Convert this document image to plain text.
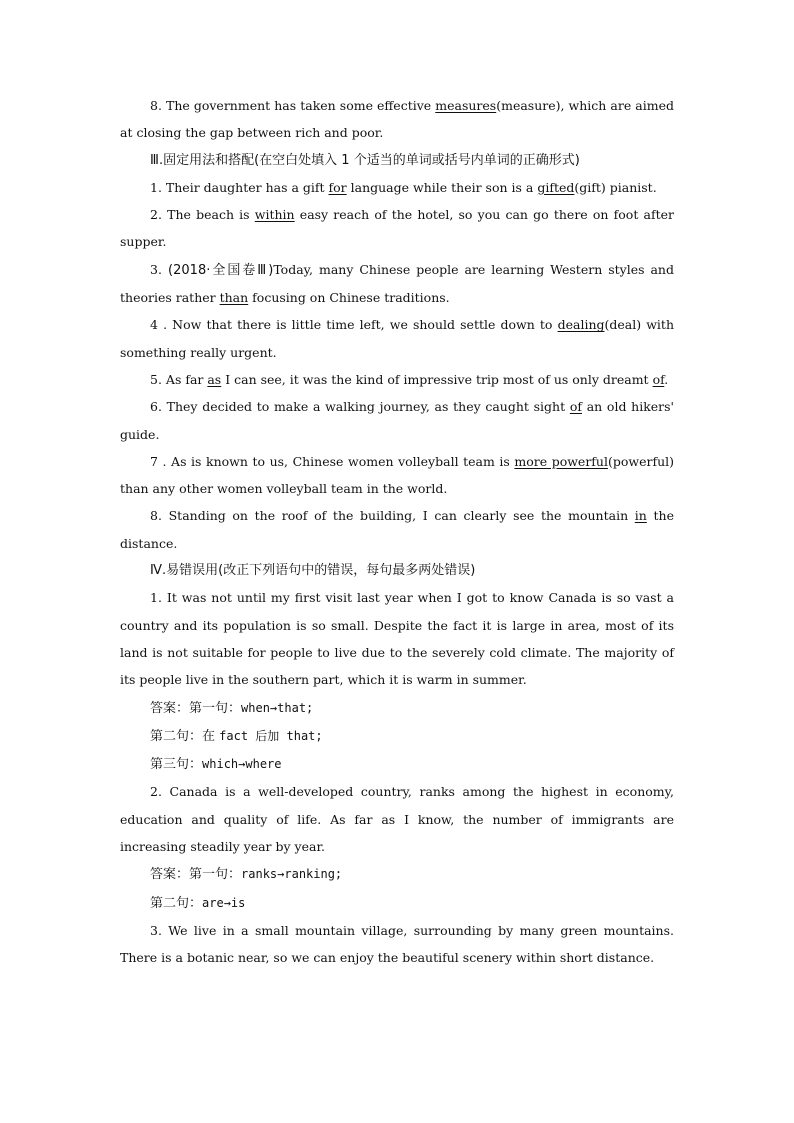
8. The government has taken some effective measures(measure), which are aimed at closing the gap between rich and poor.

Ⅲ.固定用法和搭配(在空白处填入 1 个适当的单词或括号内单词的正确形式)

1. Their daughter has a gift for language while their son is a gifted(gift) pianist.

2. The beach is within easy reach of the hotel, so you can go there on foot after supper.

3. (2018·全国卷Ⅲ)Today, many Chinese people are learning Western styles and theories rather than focusing on Chinese traditions.

4 . Now that there is little time left, we should settle down to dealing(deal) with something really urgent.

5. As far as I can see, it was the kind of impressive trip most of us only dreamt of.

6. They decided to make a walking journey, as they caught sight of an old hikers' guide.

7 . As is known to us, Chinese women volleyball team is more powerful(powerful) than any other women volleyball team in the world.

8. Standing on the roof of the building, I can clearly see the mountain in the distance.

Ⅳ.易错误用(改正下列语句中的错误，每句最多两处错误)

1. It was not until my first visit last year when I got to know Canada is so vast a country and its population is so small. Despite the fact it is large in area, most of its land is not suitable for people to live due to the severely cold climate. The majority of its people live in the southern part, which it is warm in summer.

答案：第一句：when→that;

第二句：在 fact 后加 that;

第三句：which→where

2. Canada is a well-developed country, ranks among the highest in economy, education and quality of life. As far as I know, the number of immigrants are increasing steadily year by year.

答案：第一句：ranks→ranking;

第二句：are→is

3. We live in a small mountain village, surrounding by many green mountains. There is a botanic near, so we can enjoy the beautiful scenery within short distance.
